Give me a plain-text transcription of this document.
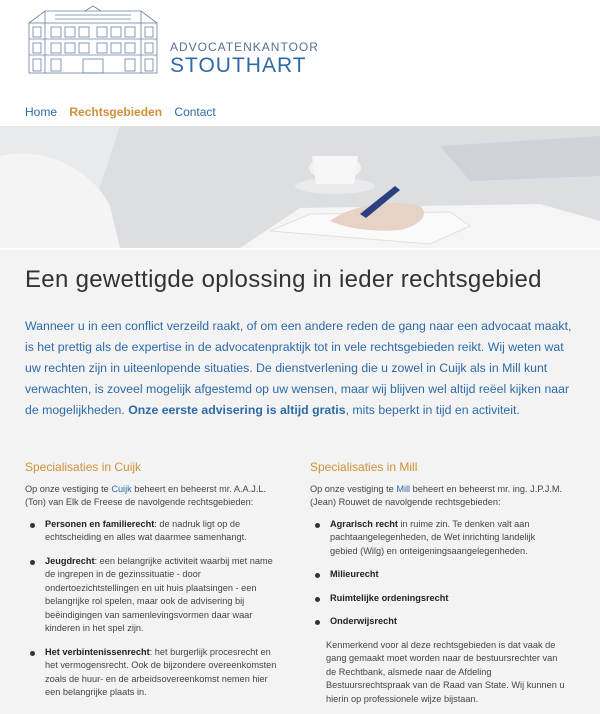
ADVOCATENKANTOOR
STOUTHART
Home Rechtsgebieden Contact
Een gewettigde oplossing in ieder rechtsgebied
Wanneer u in een conflict verzeild raakt, of om een andere reden de gang naar een advocaat maakt, is het prettig als de expertise in de advocatenpraktijk tot in vele rechtsgebieden reikt. Wij weten wat uw rechten zijn in uiteenlopende situaties. De dienstverlening die u zowel in Cuijk als in Mill kunt verwachten, is zoveel mogelijk afgestemd op uw wensen, maar wij blijven wel altijd reëel kijken naar de mogelijkheden. Onze eerste advisering is altijd gratis, mits beperkt in tijd en activiteit.
Specialisaties in Cuijk

Op onze vestiging te Cuijk beheert en beheerst mr. A.A.J.L. (Ton) van Elk de Freese de navolgende rechtsgebieden:

Personen en familierecht: de nadruk ligt op de echtscheiding en alles wat daarmee samenhangt.
Jeugdrecht: een belangrijke activiteit waarbij met name de ingrepen in de gezinssituatie - door ondertoezichtstellingen en uit huis plaatsingen - een belangrijke rol spelen, maar ook de advisering bij beëindigingen van samenlevingsvormen daar waar kinderen in het spel zijn.
Het verbintenissenrecht: het burgerlijk procesrecht en het vermogensrecht. Ook de bijzondere overeenkomsten zoals de huur- en de arbeidsovereenkomst nemen hier een belangrijke plaats in.
Specialisaties in Mill

Op onze vestiging te Mill beheert en beheerst mr. ing. J.P.J.M. (Jean) Rouwet de navolgende rechtsgebieden:

Agrarisch recht in ruime zin. Te denken valt aan pachtaangelegenheden, de Wet inrichting landelijk gebied (Wilg) en onteigeningsaangelegenheden.
Milieurecht
Ruimtelijke ordeningsrecht
Onderwijsrecht

Kenmerkend voor al deze rechtsgebieden is dat vaak de gang gemaakt moet worden naar de bestuursrechter van de Rechtbank, alsmede naar de Afdeling Bestuursrechtspraak van de Raad van State. Wij kunnen u hierin op professionele wijze bijstaan.
